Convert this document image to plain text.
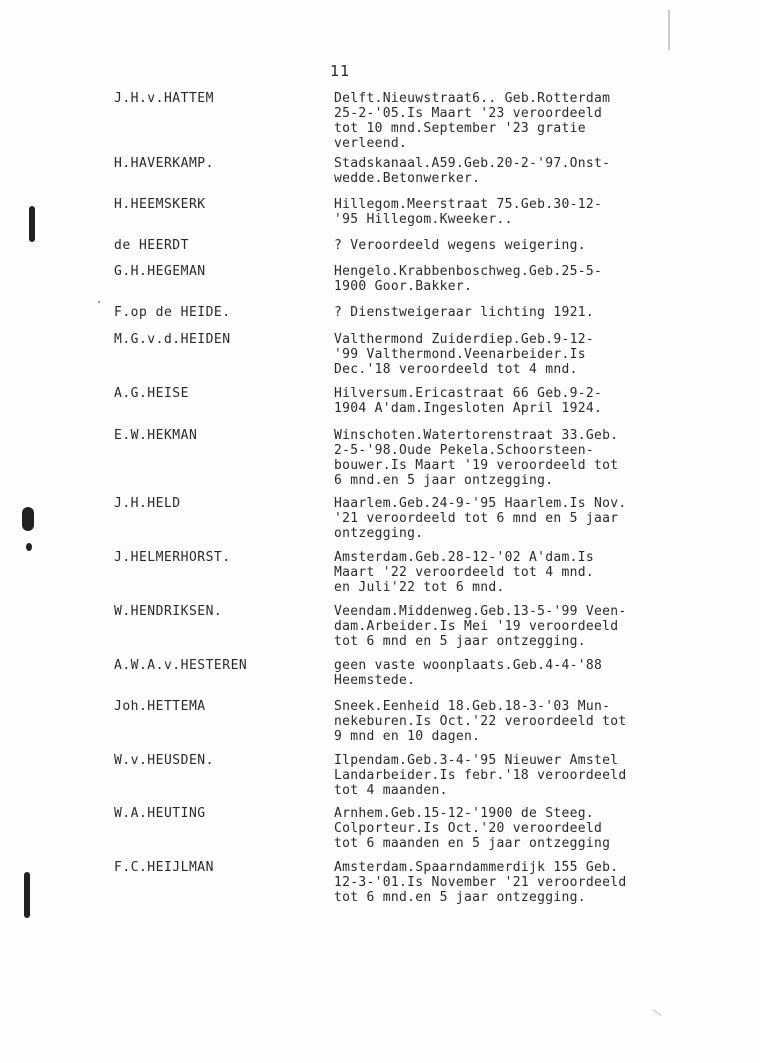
11
J.H.v.HATTEM	Delft.Nieuwstraat6.. Geb.Rotterdam
25-2-'05.Is Maart '23 veroordeeld
tot 10 mnd.September '23 gratie
verleend.
H.HAVERKAMP.	Stadskanaal.A59.Geb.20-2-'97.Onst-
wedde.Betonwerker.
H.HEEMSKERK	Hillegom.Meerstraat 75.Geb.30-12-
'95 Hillegom.Kweeker..
de HEERDT	? Veroordeeld wegens weigering.
G.H.HEGEMAN	Hengelo.Krabbenboschweg.Geb.25-5-
1900 Goor.Bakker.
F.op de HEIDE.	? Dienstweigeraar lichting 1921.
M.G.v.d.HEIDEN	Valthermond Zuiderdiep.Geb.9-12-
'99 Valthermond.Veenarbeider.Is
Dec.'18 veroordeeld tot 4 mnd.
A.G.HEISE	Hilversum.Ericastraat 66 Geb.9-2-
1904 A'dam.Ingesloten April 1924.
E.W.HEKMAN	Winschoten.Watertorenstraat 33.Geb.
2-5-'98.Oude Pekela.Schoorsteen-
bouwer.Is Maart '19 veroordeeld tot
6 mnd.en 5 jaar ontzegging.
J.H.HELD	Haarlem.Geb.24-9-'95 Haarlem.Is Nov.
'21 veroordeeld tot 6 mnd en 5 jaar
ontzegging.
J.HELMERHORST.	Amsterdam.Geb.28-12-'02 A'dam.Is
Maart '22 veroordeeld tot 4 mnd.
en Juli'22 tot 6 mnd.
W.HENDRIKSEN.	Veendam.Middenweg.Geb.13-5-'99 Veen-
dam.Arbeider.Is Mei '19 veroordeeld
tot 6 mnd en 5 jaar ontzegging.
A.W.A.v.HESTEREN	geen vaste woonplaats.Geb.4-4-'88
Heemstede.
Joh.HETTEMA	Sneek.Eenheid 18.Geb.18-3-'03 Mun-
nekeburen.Is Oct.'22 veroordeeld tot
9 mnd en 10 dagen.
W.v.HEUSDEN.	Ilpendam.Geb.3-4-'95 Nieuwer Amstel
Landarbeider.Is febr.'18 veroordeeld
tot 4 maanden.
W.A.HEUTING	Arnhem.Geb.15-12-'1900 de Steeg.
Colporteur.Is Oct.'20 veroordeeld
tot 6 maanden en 5 jaar ontzegging
F.C.HEIJLMAN	Amsterdam.Spaarndammerdijk 155 Geb.
12-3-'01.Is November '21 veroordeeld
tot 6 mnd.en 5 jaar ontzegging.
